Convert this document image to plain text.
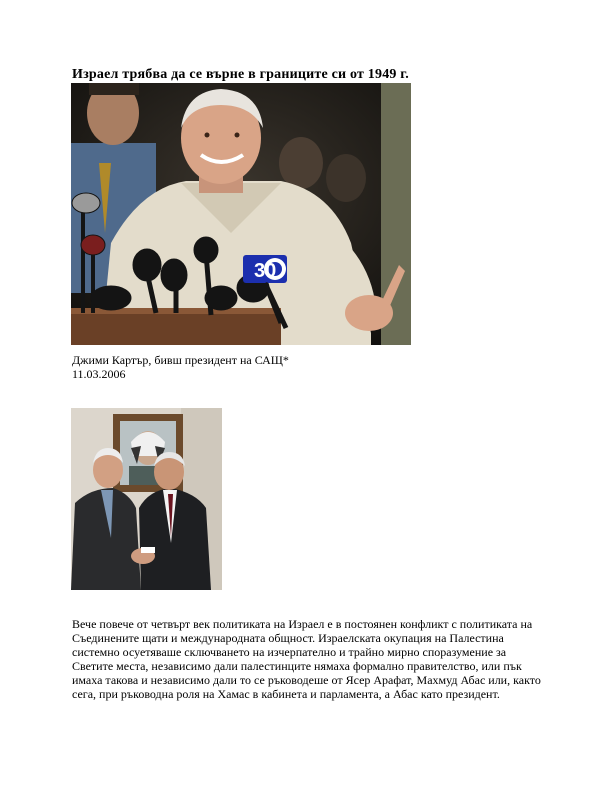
Израел трябва да се върне в границите си от 1949 г.
30
Джими Картър, бивш президент на САЩ*
11.03.2006
Вече повече от четвърт век политиката на Израел е в постоянен конфликт с политиката на Съединените щати и международната общност. Израелската окупация на Палестина системно осуетяваше сключването на изчерпателно и трайно мирно споразумение за Светите места, независимо дали палестинците нямаха формално правителство, или пък имаха такова и независимо дали то се ръководеше от Ясер Арафат, Махмуд Абас или, както сега, при ръководна роля на Хамас в кабинета и парламента, а Абас като президент.
